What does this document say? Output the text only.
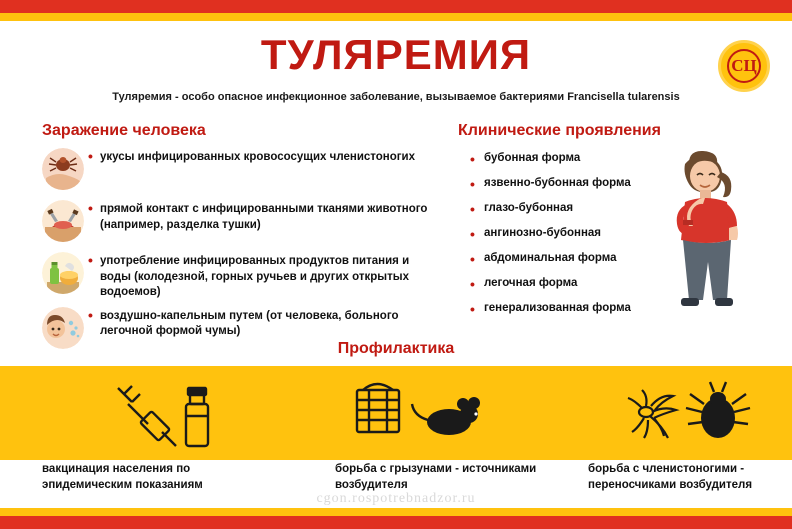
ТУЛЯРЕМИЯ
Туляремия - особо опасное инфекционное заболевание, вызываемое бактериями Francisella tularensis
СЦ
Заражение человека	Клинические проявления
Профилактика
• укусы инфицированных кровососущих членистоногих
• прямой контакт с инфицированными тканями животного (например, разделка тушки)
• употребление инфицированных продуктов питания и воды (колодезной, горных ручьев и других открытых водоемов)
• воздушно-капельным путем (от человека, больного легочной формой чумы)
• бубонная форма
• язвенно-бубонная форма
• глазо-бубонная
• ангинозно-бубонная
• абдоминальная форма
• легочная форма
• генерализованная форма
вакцинация населения по эпидемическим показаниям
борьба с грызунами - источниками возбудителя
борьба с членистоногими - переносчиками возбудителя
cgon.rospotrebnadzor.ru
